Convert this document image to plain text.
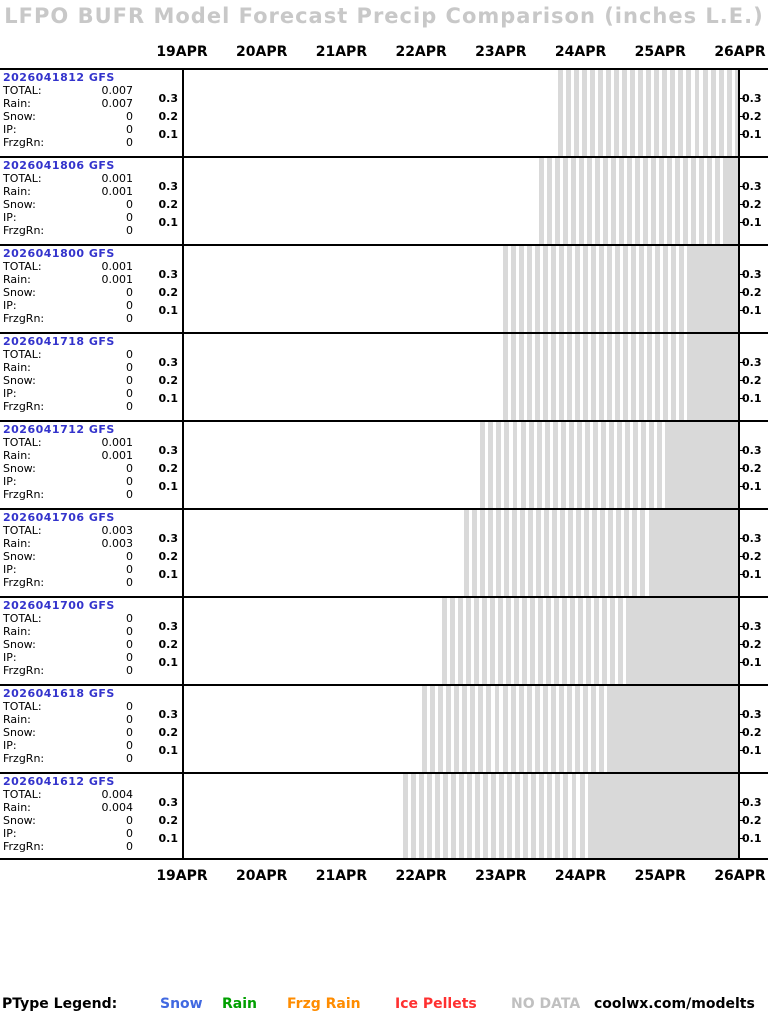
LFPO BUFR Model Forecast Precip Comparison (inches L.E.)
19APR	20APR	21APR	22APR	23APR	24APR	25APR	26APR
2026041812 GFS
TOTAL:	0.007
Rain:	0.007
Snow:	0
IP:	0
FrzgRn:	0
0.3
0.2
0.1
0.3
0.2
0.1
2026041806 GFS
TOTAL:	0.001
Rain:	0.001
Snow:	0
IP:	0
FrzgRn:	0
0.3
0.2
0.1
0.3
0.2
0.1
2026041800 GFS
TOTAL:	0.001
Rain:	0.001
Snow:	0
IP:	0
FrzgRn:	0
0.3
0.2
0.1
0.3
0.2
0.1
2026041718 GFS
TOTAL:	0
Rain:	0
Snow:	0
IP:	0
FrzgRn:	0
0.3
0.2
0.1
0.3
0.2
0.1
2026041712 GFS
TOTAL:	0.001
Rain:	0.001
Snow:	0
IP:	0
FrzgRn:	0
0.3
0.2
0.1
0.3
0.2
0.1
2026041706 GFS
TOTAL:	0.003
Rain:	0.003
Snow:	0
IP:	0
FrzgRn:	0
0.3
0.2
0.1
0.3
0.2
0.1
2026041700 GFS
TOTAL:	0
Rain:	0
Snow:	0
IP:	0
FrzgRn:	0
0.3
0.2
0.1
0.3
0.2
0.1
2026041618 GFS
TOTAL:	0
Rain:	0
Snow:	0
IP:	0
FrzgRn:	0
0.3
0.2
0.1
0.3
0.2
0.1
2026041612 GFS
TOTAL:	0.004
Rain:	0.004
Snow:	0
IP:	0
FrzgRn:	0
0.3
0.2
0.1
0.3
0.2
0.1
19APR	20APR	21APR	22APR	23APR	24APR	25APR	26APR
PType Legend:	Snow Rain Frzg Rain Ice Pellets NO DATA coolwx.com/modelts
